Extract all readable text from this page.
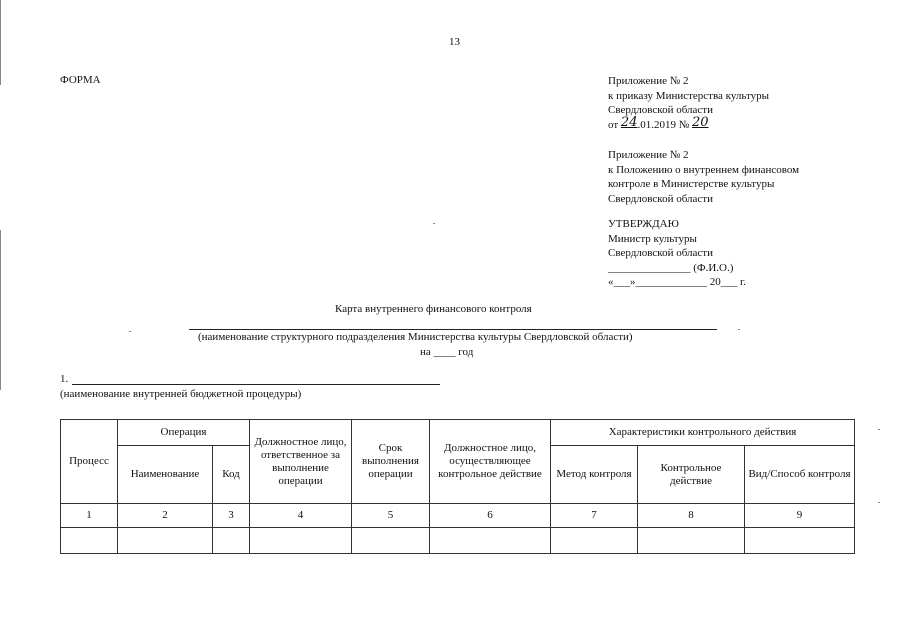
13
ФОРМА	Приложение № 2
к приказу Министерства культуры
Свердловской области
от 24.01.2019 № 20
Приложение № 2
к Положению о внутреннем финансовом
контроле в Министерстве культуры
Свердловской области
УТВЕРЖДАЮ
Министр культуры
Свердловской области
_______________ (Ф.И.О.)
«___»_____________ 20___ г.
Карта внутреннего финансового контроля
(наименование структурного подразделения Министерства культуры Свердловской области)
на ____ год
1.
(наименование внутренней бюджетной процедуры)
Процесс	Операция		Должностное лицо, ответственное за выполнение операции	Срок выполнения операции	Должностное лицо, осуществляющее контрольное действие	Характеристики контрольного действия		
	Наименование	Код				Метод контроля	Контрольное действие	Вид/Способ контроля
1	2	3	4	5	6	7	8	9
